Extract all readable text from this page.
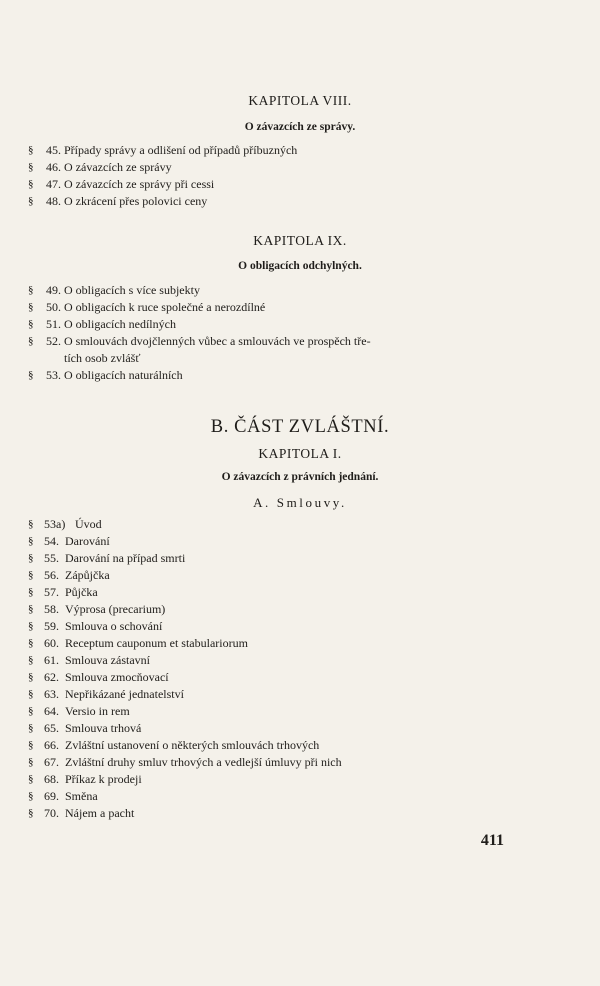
KAPITOLA VIII.
O závazcích ze správy.
§ 45. Případy správy a odlišení od případů příbuzných
§ 46. O závazcích ze správy
§ 47. O závazcích ze správy při cessi
§ 48. O zkrácení přes polovici ceny
KAPITOLA IX.
O obligacích odchylných.
§ 49. O obligacích s více subjekty
§ 50. O obligacích k ruce společné a nerozdílné
§ 51. O obligacích nedílných
§ 52. O smlouvách dvojčlenných vůbec a smlouvách ve prospěch tře-
tích osob zvlášť
§ 53. O obligacích naturálních
B. ČÁST ZVLÁŠTNÍ.
KAPITOLA I.
O závazcích z právních jednání.
A. Smlouvy.
§ 53a) Úvod
§ 54. Darování
§ 55. Darování na případ smrti
§ 56. Zápůjčka
§ 57. Půjčka
§ 58. Výprosa (precarium)
§ 59. Smlouva o schování
§ 60. Receptum cauponum et stabulariorum
§ 61. Smlouva zástavní
§ 62. Smlouva zmocňovací
§ 63. Nepřikázané jednatelství
§ 64. Versio in rem
§ 65. Smlouva trhová
§ 66. Zvláštní ustanovení o některých smlouvách trhových
§ 67. Zvláštní druhy smluv trhových a vedlejší úmluvy při nich
§ 68. Příkaz k prodeji
§ 69. Směna
§ 70. Nájem a pacht
411
